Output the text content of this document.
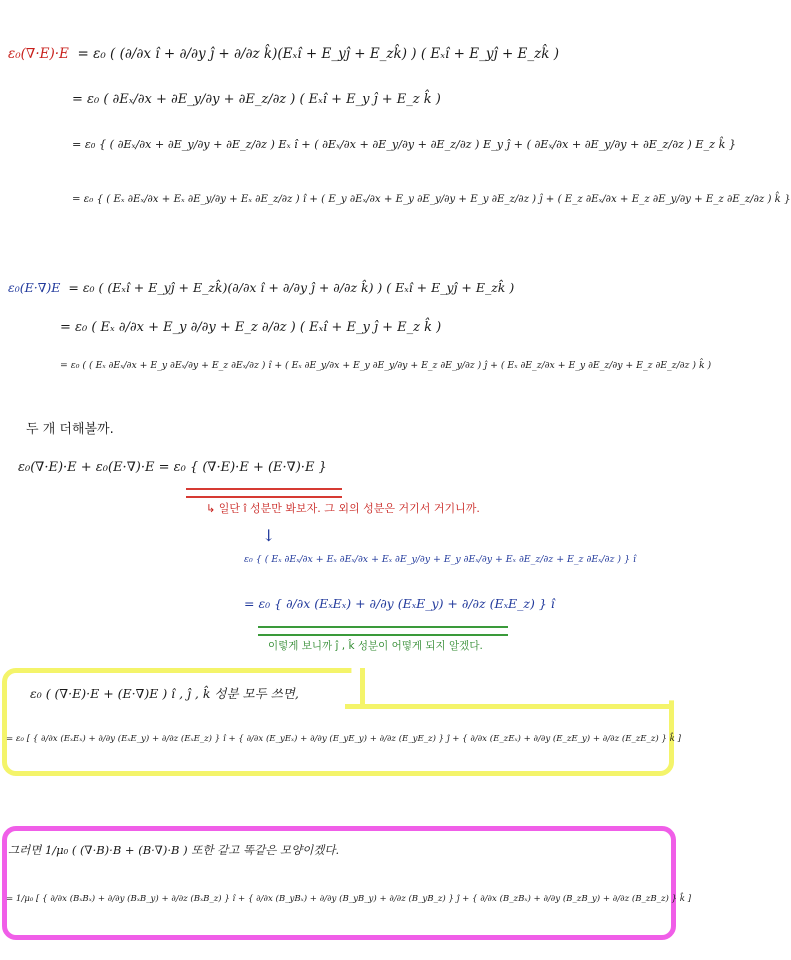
ε₀(∇·E)·E  = ε₀ ( (∂/∂x î + ∂/∂y ĵ + ∂/∂z k̂)(Eₓî + E_yĵ + E_zk̂) ) ( Eₓî + E_yĵ + E_zk̂ )
= ε₀ ( ∂Eₓ/∂x + ∂E_y/∂y + ∂E_z/∂z ) ( Eₓî + E_y ĵ + E_z k̂ )
= ε₀ { ( ∂Eₓ/∂x + ∂E_y/∂y + ∂E_z/∂z ) Eₓ î + ( ∂Eₓ/∂x + ∂E_y/∂y + ∂E_z/∂z ) E_y ĵ + ( ∂Eₓ/∂x + ∂E_y/∂y + ∂E_z/∂z ) E_z k̂ }
= ε₀ { ( Eₓ ∂Eₓ/∂x + Eₓ ∂E_y/∂y + Eₓ ∂E_z/∂z ) î + ( E_y ∂Eₓ/∂x + E_y ∂E_y/∂y + E_y ∂E_z/∂z ) ĵ + ( E_z ∂Eₓ/∂x + E_z ∂E_y/∂y + E_z ∂E_z/∂z ) k̂ }
ε₀(E·∇)E  = ε₀ ( (Eₓî + E_yĵ + E_zk̂)(∂/∂x î + ∂/∂y ĵ + ∂/∂z k̂) ) ( Eₓî + E_yĵ + E_zk̂ )
= ε₀ ( Eₓ ∂/∂x + E_y ∂/∂y + E_z ∂/∂z ) ( Eₓî + E_y ĵ + E_z k̂ )
= ε₀ ( ( Eₓ ∂Eₓ/∂x + E_y ∂Eₓ/∂y + E_z ∂Eₓ/∂z ) î + ( Eₓ ∂E_y/∂x + E_y ∂E_y/∂y + E_z ∂E_y/∂z ) ĵ + ( Eₓ ∂E_z/∂x + E_y ∂E_z/∂y + E_z ∂E_z/∂z ) k̂ )
두 개 더해볼까.
ε₀(∇·E)·E + ε₀(E·∇)·E = ε₀ { (∇·E)·E + (E·∇)·E }
↳ 일단 î 성분만 봐보자. 그 외의 성분은 거기서 거기니까.
↓
ε₀ { ( Eₓ ∂Eₓ/∂x + Eₓ ∂Eₓ/∂x + Eₓ ∂E_y/∂y + E_y ∂Eₓ/∂y + Eₓ ∂E_z/∂z + E_z ∂Eₓ/∂z ) } î
= ε₀ { ∂/∂x (EₓEₓ) + ∂/∂y (EₓE_y) + ∂/∂z (EₓE_z) } î
이렇게 보니까 ĵ , k̂ 성분이 어떻게 되지 알겠다.
ε₀ ( (∇·E)·E + (E·∇)E ) î , ĵ , k̂ 성분 모두 쓰면,
= ε₀ [ { ∂/∂x (EₓEₓ) + ∂/∂y (EₓE_y) + ∂/∂z (EₓE_z) } î + { ∂/∂x (E_yEₓ) + ∂/∂y (E_yE_y) + ∂/∂z (E_yE_z) } ĵ + { ∂/∂x (E_zEₓ) + ∂/∂y (E_zE_y) + ∂/∂z (E_zE_z) } k̂ ]
그러면 1/μ₀ ( (∇·B)·B + (B·∇)·B ) 또한 같고 똑같은 모양이겠다.
= 1/μ₀ [ { ∂/∂x (BₓBₓ) + ∂/∂y (BₓB_y) + ∂/∂z (BₓB_z) } î + { ∂/∂x (B_yBₓ) + ∂/∂y (B_yB_y) + ∂/∂z (B_yB_z) } ĵ + { ∂/∂x (B_zBₓ) + ∂/∂y (B_zB_y) + ∂/∂z (B_zB_z) } k̂ ]
